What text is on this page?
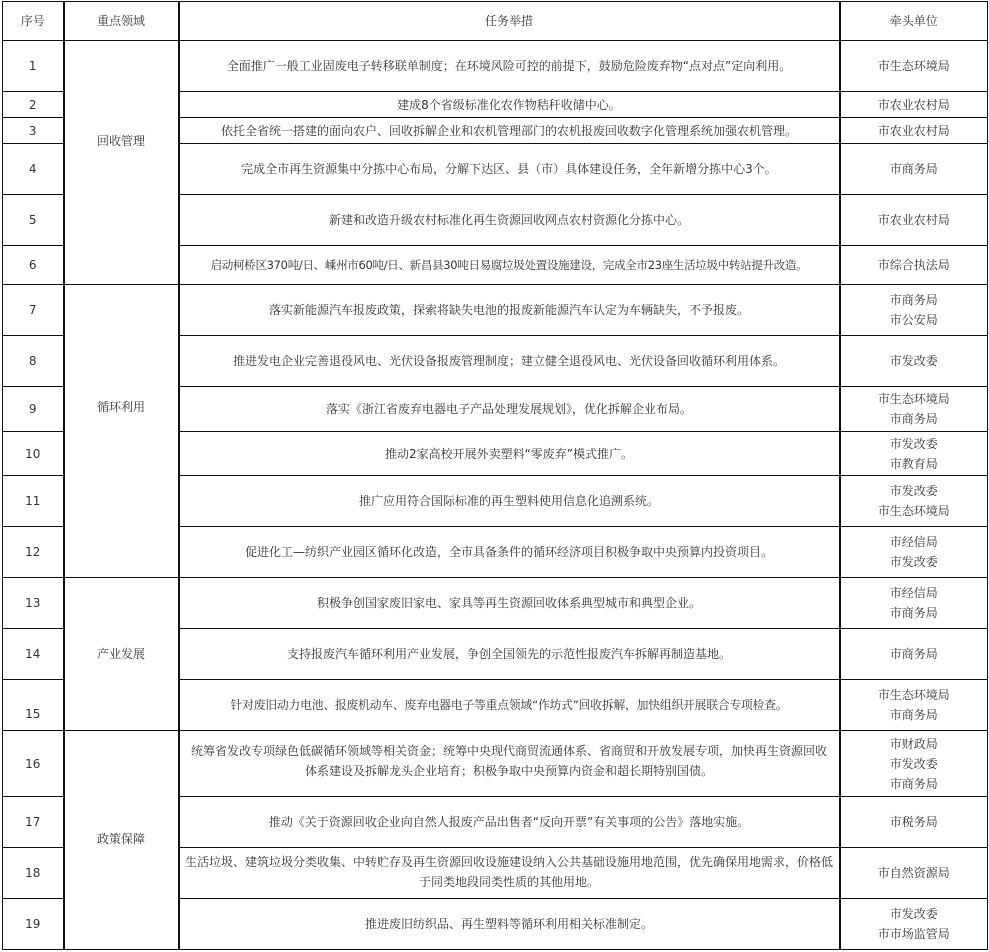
序号	重点领域	任务举措	牵头单位
1	回收管理	全面推广一般工业固废电子转移联单制度；在环境风险可控的前提下，鼓励危险废弃物“点对点”定向利用。	市生态环境局

2		建成8个省级标准化农作物秸秆收储中心。	市农业农村局

3		依托全省统一搭建的面向农户、回收拆解企业和农机管理部门的农机报废回收数字化管理系统加强农机管理。	市农业农村局

4		完成全市再生资源集中分拣中心布局，分解下达区、县（市）具体建设任务，全年新增分拣中心3个。	市商务局

5		新建和改造升级农村标准化再生资源回收网点农村资源化分拣中心。	市农业农村局

6		启动柯桥区370吨/日、嵊州市60吨/日、新昌县30吨日易腐垃圾处置设施建设，完成全市23座生活垃圾中转站提升改造。	市综合执法局

7	循环利用	落实新能源汽车报废政策，探索将缺失电池的报废新能源汽车认定为车辆缺失，不予报废。	市商务局
市公安局

8		推进发电企业完善退役风电、光伏设备报废管理制度；建立健全退役风电、光伏设备回收循环利用体系。	市发改委

9		落实《浙江省废弃电器电子产品处理发展规划》，优化拆解企业布局。	市生态环境局
市商务局

10		推动2家高校开展外卖塑料“零废弃”模式推广。	市发改委
市教育局

11		推广应用符合国际标准的再生塑料使用信息化追溯系统。	市发改委
市生态环境局

12		促进化工—纺织产业园区循环化改造，全市具备条件的循环经济项目积极争取中央预算内投资项目。	市经信局
市发改委

13	产业发展	积极争创国家废旧家电、家具等再生资源回收体系典型城市和典型企业。	市经信局
市商务局

14		支持报废汽车循环利用产业发展，争创全国领先的示范性报废汽车拆解再制造基地。	市商务局

15		针对废旧动力电池、报废机动车、废弃电器电子等重点领域“作坊式”回收拆解，加快组织开展联合专项检查。	市生态环境局
市商务局

16	政策保障	统筹省发改专项绿色低碳循环领域等相关资金；统筹中央现代商贸流通体系、省商贸和开放发展专项，加快再生资源回收体系建设及拆解龙头企业培育；积极争取中央预算内资金和超长期特别国债。	市财政局
市发改委
市商务局

17		推动《关于资源回收企业向自然人报废产品出售者“反向开票”有关事项的公告》落地实施。	市税务局

18		生活垃圾、建筑垃圾分类收集、中转贮存及再生资源回收设施建设纳入公共基础设施用地范围，优先确保用地需求，价格低于同类地段同类性质的其他用地。	市自然资源局

19		推进废旧纺织品、再生塑料等循环利用相关标准制定。	市发改委
市市场监管局
